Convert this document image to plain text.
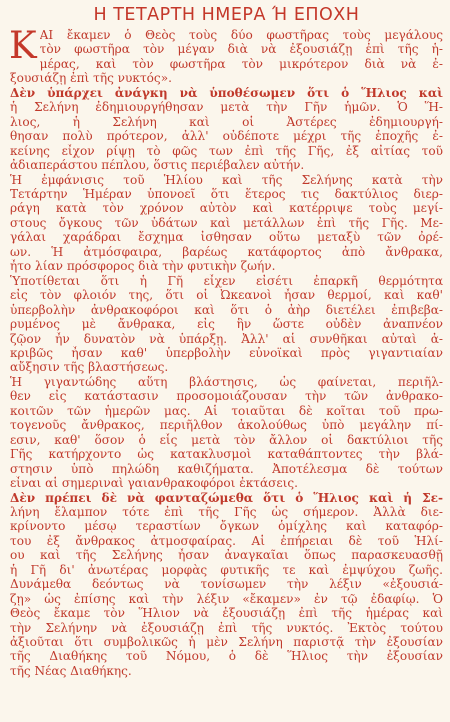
Η ΤΕΤΑΡΤΗ ΗΜΕΡΑ Ή ΕΠΟΧΗ

Κ ΑΙ ἔκαμεν ὁ Θεὸς τοὺς δύο φωστῆρας τοὺς μεγάλους
τὸν φωστῆρα τὸν μέγαν διὰ νὰ ἐξουσιάζῃ ἐπὶ τῆς ἡ-
μέρας, καὶ τὸν φωστῆρα τὸν μικρότερον διὰ νὰ ἐ-
ξουσιάζῃ ἐπὶ τῆς νυκτός».

Δὲν ὑπάρχει ἀνάγκη νὰ ὑποθέσωμεν ὅτι ὁ Ἥλιος καὶ
ἡ Σελήνη ἐδημιουργήθησαν μετὰ τὴν Γῆν ἡμῶν. Ὁ Ἥ-
λιος, ἡ Σελήνη καὶ οἱ Ἀστέρες ἐδημιουργή-
θησαν πολὺ πρότερον, ἀλλ' οὐδέποτε μέχρι τῆς ἐποχῆς ἐ-
κείνης εἶχον ρίψῃ τὸ φῶς των ἐπὶ τῆς Γῆς, ἐξ αἰτίας τοῦ
ἀδιαπεράστου πέπλου, ὅστις περιέβαλεν αὐτήν.

Ἡ ἐμφάνισις τοῦ Ἡλίου καὶ τῆς Σελήνης κατὰ τὴν
Τετάρτην Ἡμέραν ὑπονοεῖ ὅτι ἕτερος τις δακτύλιος διερ-
ράγη κατὰ τὸν χρόνον αὐτὸν καὶ κατέρριψε τοὺς μεγί-
στους ὄγκους τῶν ὑδάτων καὶ μετάλλων ἐπὶ τῆς Γῆς. Με-
γάλαι χαράδραι ἔσχημα ἰσθησαν οὕτω μεταξὺ τῶν ὀρέ-
ων. Ἡ ἀτμόσφαιρα, βαρέως κατάφορτος ἀπὸ ἄνθρακα,
ἦτο λίαν πρόσφορος διὰ τὴν φυτικὴν ζωήν.

Ὑποτίθεται ὅτι ἡ Γῆ εἶχεν εἰσέτι ἐπαρκῆ θερμότητα
εἰς τὸν φλοιόν της, ὅτι οἱ Ὠκεανοὶ ἦσαν θερμοί, καὶ καθ'
ὑπερβολὴν ἀνθρακοφόροι καὶ ὅτι ὁ ἀὴρ διετέλει ἐπιβεβα-
ρυμένος μὲ ἄνθρακα, εἰς ἣν ὥστε οὐδὲν ἀναπνέον
ζῷον ἦν δυνατὸν νὰ ὑπάρξῃ. Ἀλλ' αἱ συνθῆκαι αὐταὶ ἀ-
κριβῶς ἦσαν καθ' ὑπερβολὴν εὐνοϊκαὶ πρὸς γιγαντιαίαν
αὔξησιν τῆς βλαστήσεως.

Ἡ γιγαντώδης αὕτη βλάστησις, ὡς φαίνεται, περιῆλ-
θεν εἰς κατάστασιν προσομοιάζουσαν τὴν τῶν ἀνθρακο-
κοιτῶν τῶν ἡμερῶν μας. Αἱ τοιαῦται δὲ κοῖται τοῦ πρω-
τογενοῦς ἄνθρακος, περιῆλθον ἀκολούθως ὑπὸ μεγάλην πί-
εσιν, καθ' ὅσον ὁ εἷς μετὰ τὸν ἄλλον οἱ δακτύλιοι τῆς
Γῆς κατήρχοντο ὡς κατακλυσμοὶ καταθάπτοντες τὴν βλά-
στησιν ὑπὸ πηλώδη καθιζήματα. Ἀποτέλεσμα δὲ τούτων
εἶναι αἱ σημεριναὶ γαιανθρακοφόροι ἐκτάσεις.

Δὲν πρέπει δὲ νὰ φανταζώμεθα ὅτι ὁ Ἥλιος καὶ ἡ Σε-
λήνη ἔλαμπον τότε ἐπὶ τῆς Γῆς ὡς σήμερον. Ἀλλὰ διε-
κρίνοντο μέσῳ τεραστίων ὄγκων ὁμίχλης καὶ καταφόρ-
του ἐξ ἄνθρακος ἀτμοσφαίρας. Αἱ ἐπήρειαι δὲ τοῦ Ἡλί-
ου καὶ τῆς Σελήνης ἦσαν ἀναγκαῖαι ὅπως παρασκευασθῇ
ἡ Γῆ δι' ἀνωτέρας μορφὰς φυτικῆς τε καὶ ἐμψύχου ζωῆς.
Δυνάμεθα δεόντως νὰ τονίσωμεν τὴν λέξιν «ἐξουσιά-
ζῃ» ὡς ἐπίσης καὶ τὴν λέξιν «ἔκαμεν» ἐν τῷ ἐδαφίῳ. Ὁ
Θεὸς ἔκαμε τὸν Ἥλιον νὰ ἐξουσιάζῃ ἐπὶ τῆς ἡμέρας καὶ
τὴν Σελήνην νὰ ἐξουσιάζῃ ἐπὶ τῆς νυκτός. Ἐκτὸς τούτου
ἀξιοῦται ὅτι συμβολικῶς ἡ μὲν Σελήνη παριστᾷ τὴν ἐξουσίαν
τῆς Διαθήκης τοῦ Νόμου, ὁ δὲ Ἥλιος τὴν ἐξουσίαν
τῆς Νέας Διαθήκης.
